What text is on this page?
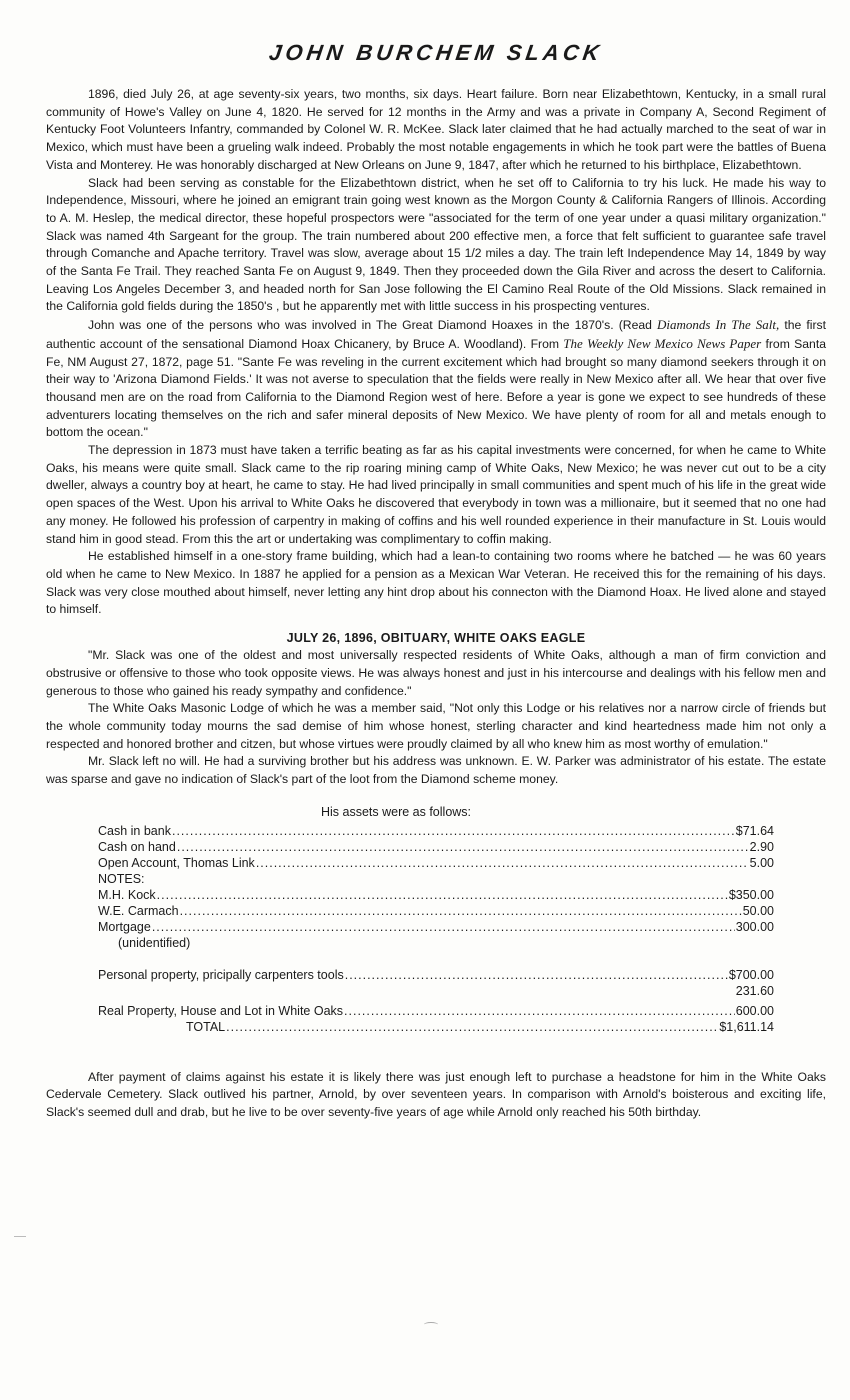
JOHN BURCHEM SLACK

1896, died July 26, at age seventy-six years, two months, six days. Heart failure. Born near Elizabethtown, Kentucky, in a small rural community of Howe's Valley on June 4, 1820. He served for 12 months in the Army and was a private in Company A, Second Regiment of Kentucky Foot Volunteers Infantry, commanded by Colonel W. R. McKee. Slack later claimed that he had actually marched to the seat of war in Mexico, which must have been a grueling walk indeed. Probably the most notable engagements in which he took part were the battles of Buena Vista and Monterey. He was honorably discharged at New Orleans on June 9, 1847, after which he returned to his birthplace, Elizabethtown.

Slack had been serving as constable for the Elizabethtown district, when he set off to California to try his luck. He made his way to Independence, Missouri, where he joined an emigrant train going west known as the Morgon County & California Rangers of Illinois. According to A. M. Heslep, the medical director, these hopeful prospectors were "associated for the term of one year under a quasi military organization." Slack was named 4th Sargeant for the group. The train numbered about 200 effective men, a force that felt sufficient to guarantee safe travel through Comanche and Apache territory. Travel was slow, average about 15 1/2 miles a day. The train left Independence May 14, 1849 by way of the Santa Fe Trail. They reached Santa Fe on August 9, 1849. Then they proceeded down the Gila River and across the desert to California. Leaving Los Angeles December 3, and headed north for San Jose following the El Camino Real Route of the Old Missions. Slack remained in the California gold fields during the 1850's , but he apparently met with little success in his prospecting ventures.

John was one of the persons who was involved in The Great Diamond Hoaxes in the 1870's. (Read Diamonds In The Salt, the first authentic account of the sensational Diamond Hoax Chicanery, by Bruce A. Woodland). From The Weekly New Mexico News Paper from Santa Fe, NM August 27, 1872, page 51. "Sante Fe was reveling in the current excitement which had brought so many diamond seekers through it on their way to 'Arizona Diamond Fields.' It was not averse to speculation that the fields were really in New Mexico after all. We hear that over five thousand men are on the road from California to the Diamond Region west of here. Before a year is gone we expect to see hundreds of these adventurers locating themselves on the rich and safer mineral deposits of New Mexico. We have plenty of room for all and metals enough to bottom the ocean."

The depression in 1873 must have taken a terrific beating as far as his capital investments were concerned, for when he came to White Oaks, his means were quite small. Slack came to the rip roaring mining camp of White Oaks, New Mexico; he was never cut out to be a city dweller, always a country boy at heart, he came to stay. He had lived principally in small communities and spent much of his life in the great wide open spaces of the West. Upon his arrival to White Oaks he discovered that everybody in town was a millionaire, but it seemed that no one had any money. He followed his profession of carpentry in making of coffins and his well rounded experience in their manufacture in St. Louis would stand him in good stead. From this the art or undertaking was complimentary to coffin making.

He established himself in a one-story frame building, which had a lean-to containing two rooms where he batched — he was 60 years old when he came to New Mexico. In 1887 he applied for a pension as a Mexican War Veteran. He received this for the remaining of his days. Slack was very close mouthed about himself, never letting any hint drop about his connecton with the Diamond Hoax. He lived alone and stayed to himself.

JULY 26, 1896, OBITUARY, WHITE OAKS EAGLE

"Mr. Slack was one of the oldest and most universally respected residents of White Oaks, although a man of firm conviction and obstrusive or offensive to those who took opposite views. He was always honest and just in his intercourse and dealings with his fellow men and generous to those who gained his ready sympathy and confidence."

The White Oaks Masonic Lodge of which he was a member said, "Not only this Lodge or his relatives nor a narrow circle of friends but the whole community today mourns the sad demise of him whose honest, sterling character and kind heartedness made him not only a respected and honored brother and citzen, but whose virtues were proudly claimed by all who knew him as most worthy of emulation."

Mr. Slack left no will. He had a surviving brother but his address was unknown. E. W. Parker was administrator of his estate. The estate was sparse and gave no indication of Slack's part of the loot from the Diamond scheme money.

His assets were as follows:
Cash in bank .....	$71.64
Cash on hand .....	2.90
Open Account, Thomas Link .....	5.00
NOTES:
M.H. Kock .....	$350.00
W.E. Carmach .....	50.00
Mortgage .....	300.00
(unidentified)
Personal property, pricipally carpenters tools .....	$700.00
231.60
Real Property, House and Lot in White Oaks .....	600.00
TOTAL .....	$1,611.14

After payment of claims against his estate it is likely there was just enough left to purchase a headstone for him in the White Oaks Cedervale Cemetery. Slack outlived his partner, Arnold, by over seventeen years. In comparison with Arnold's boisterous and exciting life, Slack's seemed dull and drab, but he live to be over seventy-five years of age while Arnold only reached his 50th birthday.
